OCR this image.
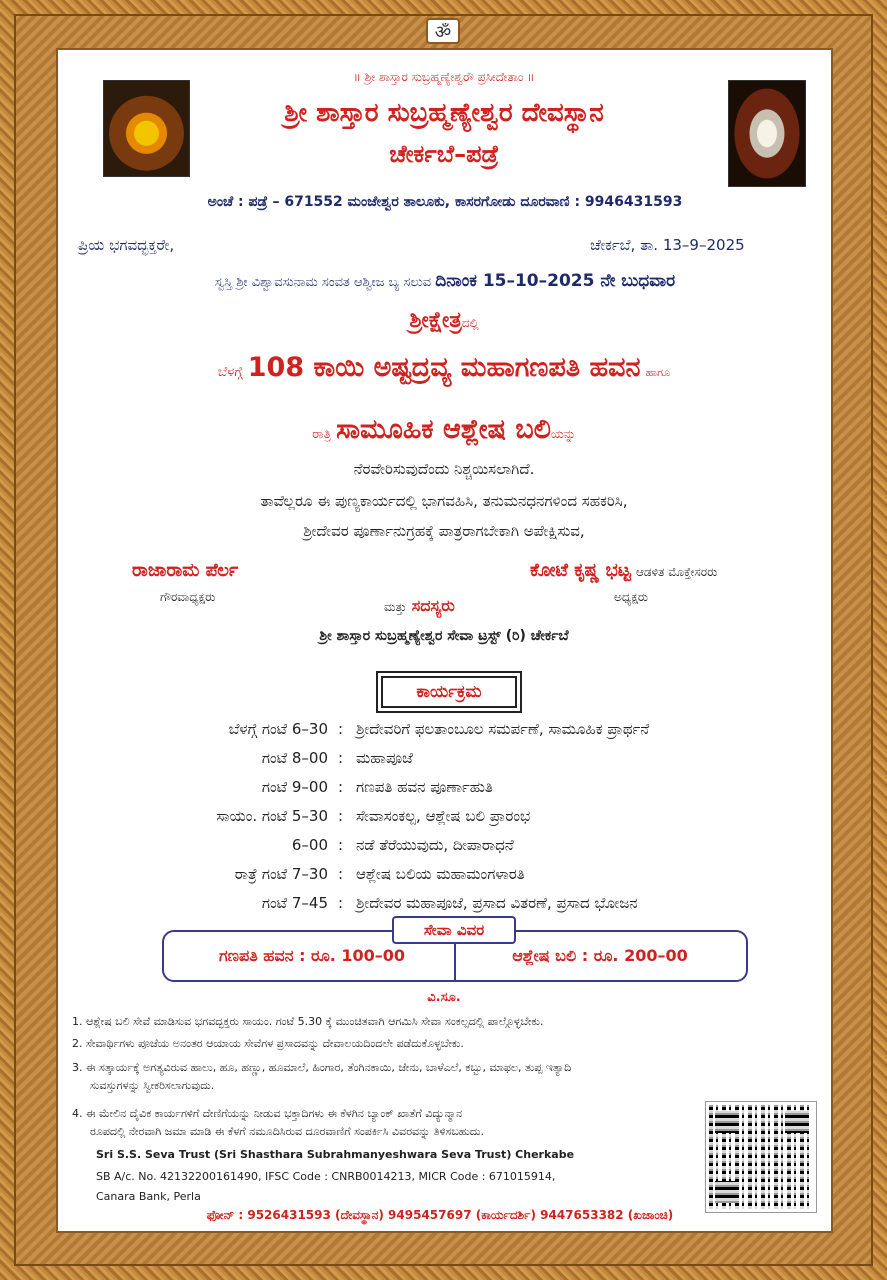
ॐ
॥ ಶ್ರೀ ಶಾಸ್ತಾರ ಸುಬ್ರಹ್ಮಣ್ಯೇಶ್ವರೌ ಪ್ರಸೀದೇತಾಂ ॥
ಶ್ರೀ ಶಾಸ್ತಾರ ಸುಬ್ರಹ್ಮಣ್ಯೇಶ್ವರ ದೇವಸ್ಥಾನ
ಚೇರ್ಕಬೆ–ಪಡ್ರೆ
ಅಂಚೆ : ಪಡ್ರೆ – 671552 ಮಂಜೇಶ್ವರ ತಾಲೂಕು, ಕಾಸರಗೋಡು ದೂರವಾಣಿ : 9946431593
ಪ್ರಿಯ ಭಗವದ್ಭಕ್ತರೇ,	ಚೇರ್ಕಬೆ, ತಾ. 13–9–2025
ಸ್ವಸ್ತಿ ಶ್ರೀ ವಿಶ್ವಾವಸುನಾಮ ಸಂವತ ಆಶ್ವೀಜ ಬ್ಯ ಸಲುವ ದಿನಾಂಕ 15–10–2025 ನೇ ಬುಧವಾರ
ಶ್ರೀಕ್ಷೇತ್ರದಲ್ಲಿ
ಬೆಳಗ್ಗೆ 108 ಕಾಯಿ ಅಷ್ಟದ್ರವ್ಯ ಮಹಾಗಣಪತಿ ಹವನ ಹಾಗೂ
ರಾತ್ರಿ ಸಾಮೂಹಿಕ ಆಶ್ಲೇಷ ಬಲಿಯನ್ನು
ನೆರವೇರಿಸುವುದೆಂದು ನಿಶ್ಚಯಿಸಲಾಗಿದೆ.
ತಾವೆಲ್ಲರೂ ಈ ಪುಣ್ಯಕಾರ್ಯದಲ್ಲಿ ಭಾಗವಹಿಸಿ, ತನುಮನಧನಗಳಿಂದ ಸಹಕರಿಸಿ,
ಶ್ರೀದೇವರ ಪೂರ್ಣಾನುಗ್ರಹಕ್ಕೆ ಪಾತ್ರರಾಗಬೇಕಾಗಿ ಅಪೇಕ್ಷಿಸುವ,
ರಾಜಾರಾಮ ಪೆರ್ಲ
ಗೌರವಾಧ್ಯಕ್ಷರು
ಕೋಟೆ ಕೃಷ್ಣ ಭಟ್ಟ ಆಡಳಿತ ಮೊಕ್ತೇಸರರು
ಅಧ್ಯಕ್ಷರು
ಮತ್ತು ಸದಸ್ಯರು
ಶ್ರೀ ಶಾಸ್ತಾರ ಸುಬ್ರಹ್ಮಣ್ಯೇಶ್ವರ ಸೇವಾ ಟ್ರಸ್ಟ್ (ರಿ) ಚೇರ್ಕಬೆ
ಕಾರ್ಯಕ್ರಮ
ಬೆಳಗ್ಗೆ ಗಂಟೆ 6–30 : ಶ್ರೀದೇವರಿಗೆ ಫಲತಾಂಬೂಲ ಸಮರ್ಪಣೆ, ಸಾಮೂಹಿಕ ಪ್ರಾರ್ಥನೆ
ಗಂಟೆ 8–00 : ಮಹಾಪೂಜೆ
ಗಂಟೆ 9–00 : ಗಣಪತಿ ಹವನ ಪೂರ್ಣಾಹುತಿ
ಸಾಯಂ. ಗಂಟೆ 5–30 : ಸೇವಾಸಂಕಲ್ಪ, ಆಶ್ಲೇಷ ಬಲಿ ಪ್ರಾರಂಭ
6–00 : ನಡೆ ತೆರೆಯುವುದು, ದೀಪಾರಾಧನೆ
ರಾತ್ರೆ ಗಂಟೆ 7–30 : ಆಶ್ಲೇಷ ಬಲಿಯ ಮಹಾಮಂಗಳಾರತಿ
ಗಂಟೆ 7–45 : ಶ್ರೀದೇವರ ಮಹಾಪೂಜೆ, ಪ್ರಸಾದ ವಿತರಣೆ, ಪ್ರಸಾದ ಭೋಜನ
ಗಣಪತಿ ಹವನ : ರೂ. 100–00	ಆಶ್ಲೇಷ ಬಲಿ : ರೂ. 200–00
ಸೇವಾ ವಿವರ
ವಿ.ಸೂ.
1. ಆಶ್ಲೇಷ ಬಲಿ ಸೇವೆ ಮಾಡಿಸುವ ಭಗವದ್ಭಕ್ತರು ಸಾಯಂ. ಗಂಟೆ 5.30 ಕ್ಕೆ ಮುಂಚಿತವಾಗಿ ಆಗಮಿಸಿ ಸೇವಾ ಸಂಕಲ್ಪದಲ್ಲಿ ಪಾಲ್ಗೊಳ್ಳಬೇಕು.
2. ಸೇವಾರ್ಥಿಗಳು ಪೂಜೆಯ ಅನಂತರ ಆಯಾಯ ಸೇವೆಗಳ ಪ್ರಸಾದವನ್ನು ದೇವಾಲಯದಿಂದಲೇ ಪಡೆದುಕೊಳ್ಳಬೇಕು.
3. ಈ ಸತ್ಕಾರ್ಯಕ್ಕೆ ಅಗತ್ಯವಿರುವ ಹಾಲು, ಹೂ, ಹಣ್ಣು, ಹೂಮಾಲೆ, ಹಿಂಗಾರ, ತೆಂಗಿನಕಾಯಿ, ಜೇನು, ಬಾಳೆಎಲೆ, ಕಬ್ಬು, ಮಾಫಲ, ತುಪ್ಪ ಇತ್ಯಾದಿ
ಸುವಸ್ತುಗಳನ್ನು ಸ್ವೀಕರಿಸಲಾಗುವುದು.
4. ಈ ಮೇಲಿನ ದೈವಿಕ ಕಾರ್ಯಗಳಿಗೆ ದೇಣಿಗೆಯನ್ನು ನೀಡುವ ಭಕ್ತಾದಿಗಳು ಈ ಕೆಳಗಿನ ಬ್ಯಾಂಕ್ ಖಾತೆಗೆ ವಿದ್ಯುನ್ಮಾನ
ರೂಪದಲ್ಲಿ ನೇರವಾಗಿ ಜಮಾ ಮಾಡಿ ಈ ಕೆಳಗೆ ನಮೂದಿಸಿರುವ ದೂರವಾಣಿಗೆ ಸಂಪರ್ಕಿಸಿ ವಿವರವನ್ನು ತಿಳಿಸಬಹುದು.
Sri S.S. Seva Trust (Sri Shasthara Subrahmanyeshwara Seva Trust) Cherkabe
SB A/c. No. 42132200161490, IFSC Code : CNRB0014213, MICR Code : 671015914,
Canara Bank, Perla
ಫೋನ್ : 9526431593 (ದೇವಸ್ಥಾನ) 9495457697 (ಕಾರ್ಯದರ್ಶಿ) 9447653382 (ಖಜಾಂಚಿ)
